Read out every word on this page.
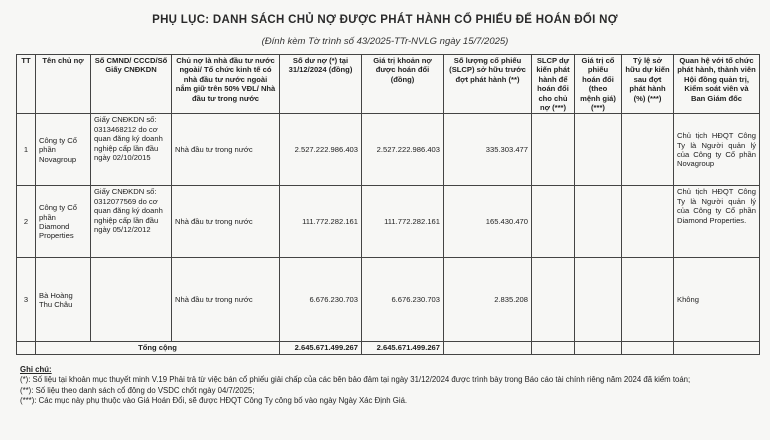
PHỤ LỤC: DANH SÁCH CHỦ NỢ ĐƯỢC PHÁT HÀNH CỔ PHIẾU ĐỂ HOÁN ĐỔI NỢ
(Đính kèm Tờ trình số 43/2025-TTr-NVLG ngày 15/7/2025)
TT	Tên chủ nợ	Số CMND/ CCCD/Số Giấy CNĐKDN	Chủ nợ là nhà đầu tư nước ngoài/ Tổ chức kinh tế có nhà đầu tư nước ngoài nắm giữ trên 50% VĐL/ Nhà đầu tư trong nước	Số dư nợ (*) tại 31/12/2024 (đồng)	Giá trị khoản nợ được hoán đổi (đồng)	Số lượng cổ phiếu (SLCP) sở hữu trước đợt phát hành (**)	SLCP dự kiến phát hành để hoán đổi cho chủ nợ (***)	Giá trị cổ phiếu hoán đổi (theo mệnh giá) (***)	Tỷ lệ sở hữu dự kiến sau đợt phát hành (%) (***)	Quan hệ với tổ chức phát hành, thành viên Hội đồng quản trị, Kiểm soát viên và Ban Giám đốc
1	Công ty Cổ phần Novagroup	Giấy CNĐKDN số: 0313468212 do cơ quan đăng ký doanh nghiệp cấp lần đầu ngày 02/10/2015	Nhà đầu tư trong nước	2.527.222.986.403	2.527.222.986.403	335.303.477				Chủ tịch HĐQT Công Ty là Người quản lý của Công ty Cổ phần Novagroup
2	Công ty Cổ phần Diamond Properties	Giấy CNĐKDN số: 0312077569 do cơ quan đăng ký doanh nghiệp cấp lần đầu ngày 05/12/2012	Nhà đầu tư trong nước	111.772.282.161	111.772.282.161	165.430.470				Chủ tịch HĐQT Công Ty là Người quản lý của Công ty Cổ phần Diamond Properties.
3	Bà Hoàng Thu Châu		Nhà đầu tư trong nước	6.676.230.703	6.676.230.703	2.835.208				Không
	Tổng cộng			2.645.671.499.267	2.645.671.499.267					
Ghi chú:
(*): Số liệu tại khoản mục thuyết minh V.19 Phải trả từ việc bán cổ phiếu giải chấp của các bên bảo đảm tại ngày 31/12/2024 được trình bày trong Báo cáo tài chính riêng năm 2024 đã kiểm toán;
(**): Số liệu theo danh sách cổ đông do VSDC chốt ngày 04/7/2025;
(***): Các mục này phụ thuộc vào Giá Hoán Đổi, sẽ được HĐQT Công Ty công bố vào ngày Ngày Xác Định Giá.
